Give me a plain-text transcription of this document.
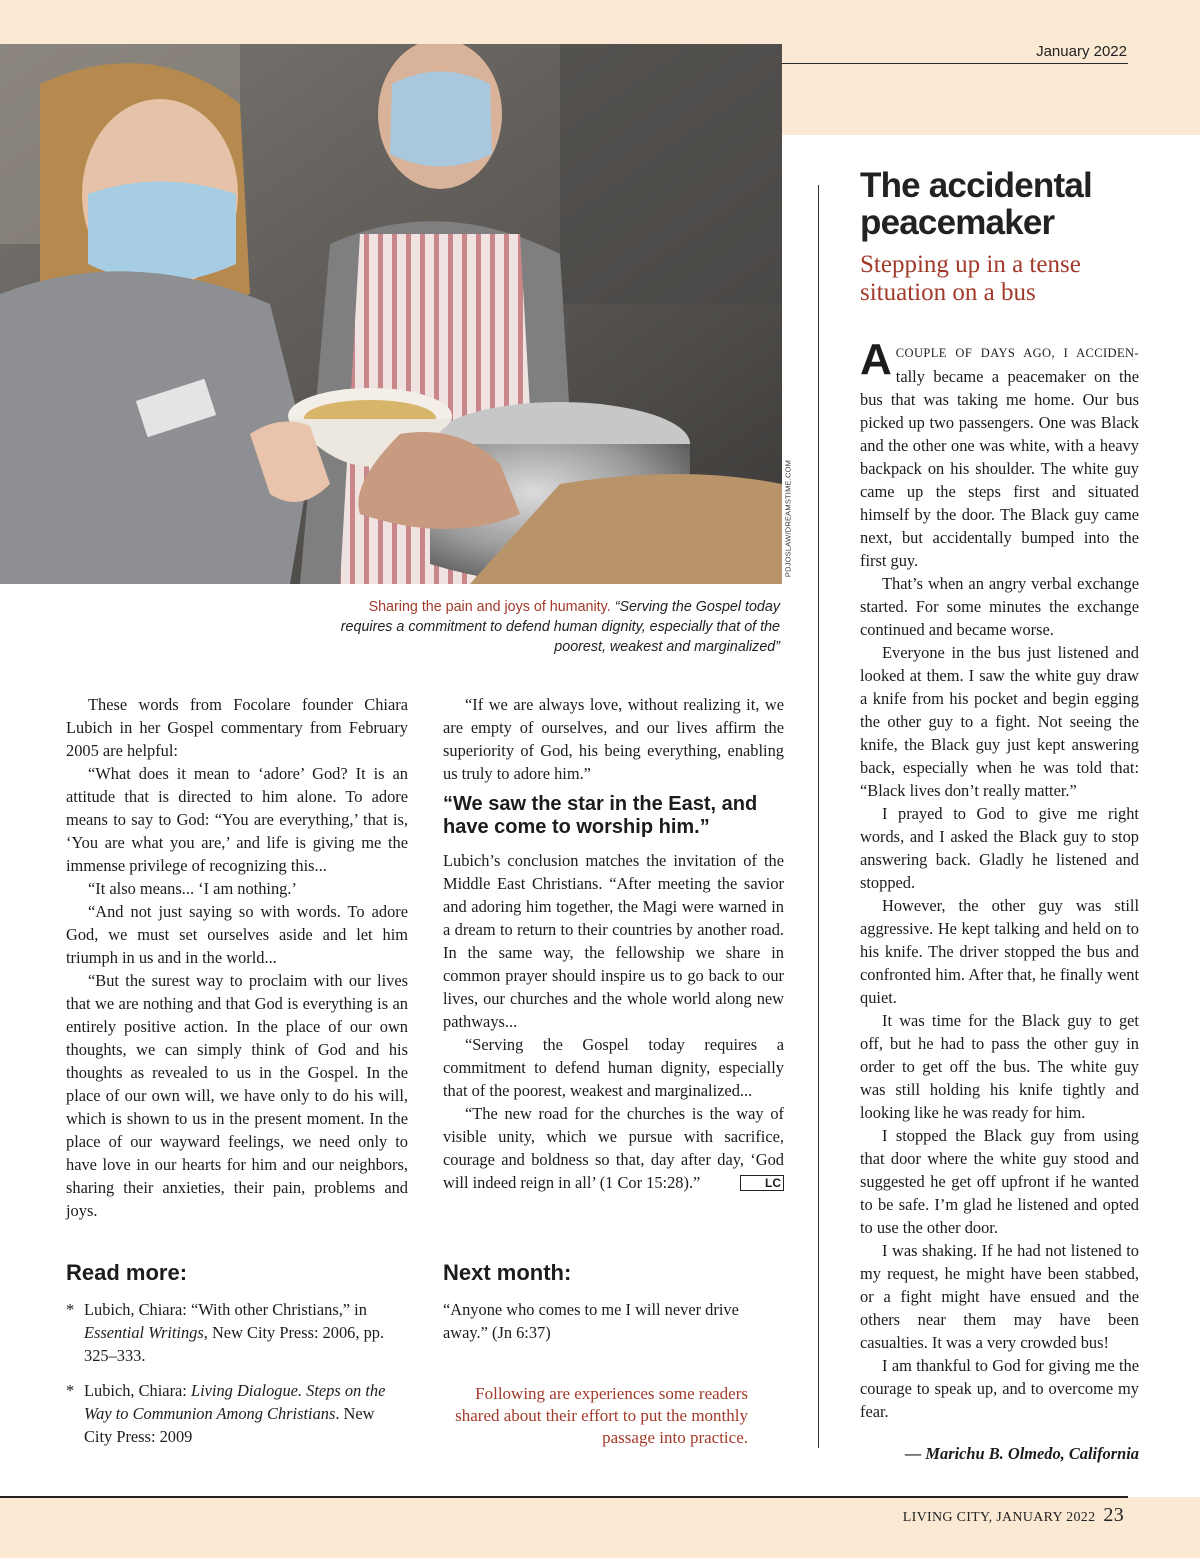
January 2022
PDJOSLAW/DREAMSTIME.COM
Sharing the pain and joys of humanity. “Serving the Gospel today requires a commitment to defend human dignity, especially that of the poorest, weakest and marginalized”

These words from Focolare founder Chiara Lubich in her Gospel commentary from February 2005 are helpful:

“What does it mean to ‘adore’ God? It is an attitude that is directed to him alone. To adore means to say to God: “You are everything,’ that is, ‘You are what you are,’ and life is giving me the immense privilege of recognizing this...

“It also means... ‘I am nothing.’

“And not just saying so with words. To adore God, we must set ourselves aside and let him triumph in us and in the world...

“But the surest way to proclaim with our lives that we are nothing and that God is everything is an entirely positive action. In the place of our own thoughts, we can simply think of God and his thoughts as revealed to us in the Gospel. In the place of our own will, we have only to do his will, which is shown to us in the present moment. In the place of our wayward feelings, we need only to have love in our hearts for him and our neighbors, sharing their anxieties, their pain, problems and joys.

“If we are always love, without realizing it, we are empty of ourselves, and our lives affirm the superiority of God, his being everything, enabling us truly to adore him.”

“We saw the star in the East, and have come to worship him.”

Lubich’s conclusion matches the invitation of the Middle East Christians. “After meeting the savior and adoring him together, the Magi were warned in a dream to return to their countries by another road. In the same way, the fellowship we share in common prayer should inspire us to go back to our lives, our churches and the whole world along new pathways...

“Serving the Gospel today requires a commitment to defend human dignity, especially that of the poorest, weakest and marginalized...

“The new road for the churches is the way of visible unity, which we pursue with sacrifice, courage and boldness so that, day after day, ‘God will indeed reign in all’ (1 Cor 15:28).”	LC

Read more:
* Lubich, Chiara: “With other Christians,” in Essential Writings, New City Press: 2006, pp. 325–333.
* Lubich, Chiara: Living Dialogue. Steps on the Way to Communion Among Christians. New City Press: 2009
Next month:
“Anyone who comes to me I will never drive away.” (Jn 6:37)
Following are experiences some readers shared about their effort to put the monthly passage into practice.
The accidental peacemaker
Stepping up in a tense situation on a bus

ACOUPLE OF DAYS AGO, I ACCIDEN- tally became a peacemaker on the bus that was taking me home. Our bus picked up two passengers. One was Black and the other one was white, with a heavy backpack on his shoulder. The white guy came up the steps first and situated himself by the door. The Black guy came next, but accidentally bumped into the first guy.

That’s when an angry verbal exchange started. For some minutes the exchange continued and became worse.

Everyone in the bus just listened and looked at them. I saw the white guy draw a knife from his pocket and begin egging the other guy to a fight. Not seeing the knife, the Black guy just kept answering back, especially when he was told that: “Black lives don’t really matter.”

I prayed to God to give me right words, and I asked the Black guy to stop answering back. Gladly he listened and stopped.

However, the other guy was still aggressive. He kept talking and held on to his knife. The driver stopped the bus and confronted him. After that, he finally went quiet.

It was time for the Black guy to get off, but he had to pass the other guy in order to get off the bus. The white guy was still holding his knife tightly and looking like he was ready for him.

I stopped the Black guy from using that door where the white guy stood and suggested he get off upfront if he wanted to be safe. I’m glad he listened and opted to use the other door.

I was shaking. If he had not listened to my request, he might have been stabbed, or a fight might have ensued and the others near them may have been casualties. It was a very crowded bus!

I am thankful to God for giving me the courage to speak up, and to overcome my fear.

— Marichu B. Olmedo, California
LIVING CITY, JANUARY 2022 23
